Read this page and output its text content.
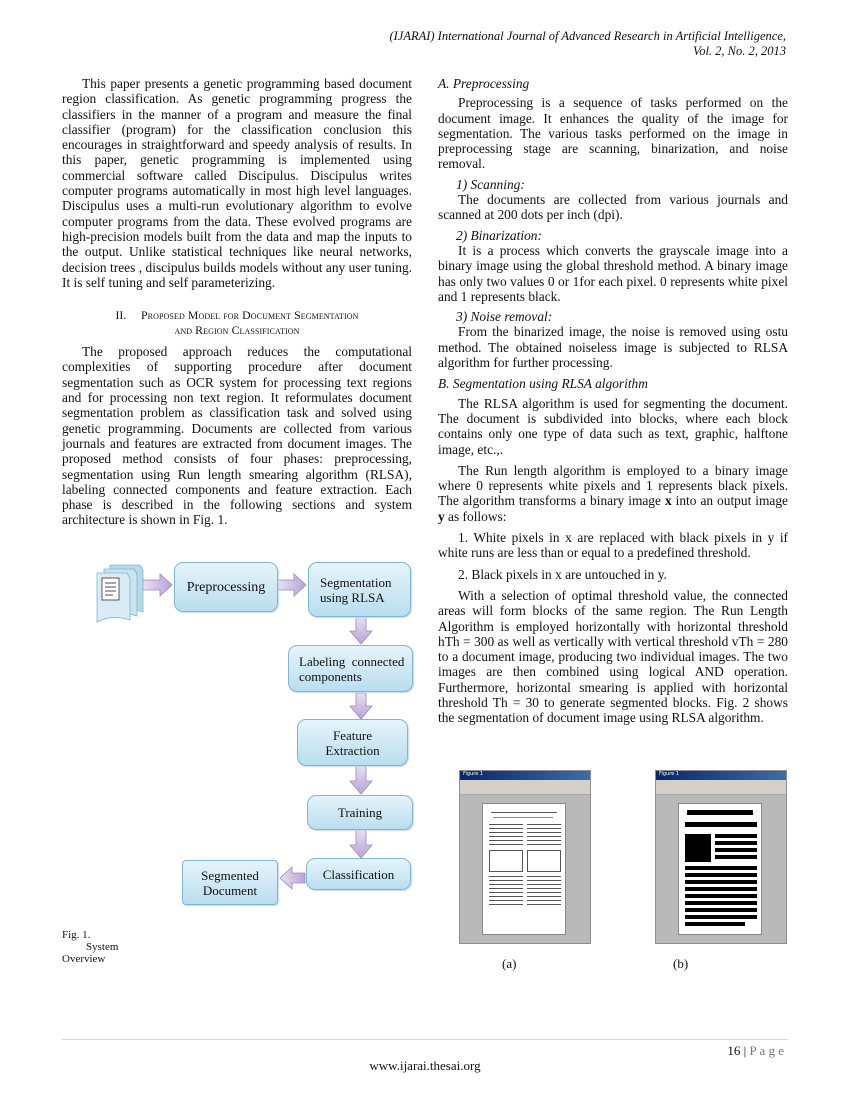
(IJARAI) International Journal of Advanced Research in Artificial Intelligence,
Vol. 2, No. 2, 2013

This paper presents a genetic programming based document region classification. As genetic programming progress the classifiers in the manner of a program and measure the final classifier (program) for the classification conclusion this encourages in straightforward and speedy analysis of results. In this paper, genetic programming is implemented using commercial software called Discipulus. Discipulus writes computer programs automatically in most high level languages. Discipulus uses a multi-run evolutionary algorithm to evolve computer programs from the data. These evolved programs are high-precision models built from the data and map the inputs to the output. Unlike statistical techniques like neural networks, decision trees , discipulus builds models without any user tuning. It is self tuning and self parameterizing.

II. Proposed Model for Document Segmentation
and Region Classification

The proposed approach reduces the computational complexities of supporting procedure after document segmentation such as OCR system for processing text regions and for processing non text region. It reformulates document segmentation problem as classification task and solved using genetic programming. Documents are collected from various journals and features are extracted from document images. The proposed method consists of four phases: preprocessing, segmentation using Run length smearing algorithm (RLSA), labeling connected components and feature extraction. Each phase is described in the following sections and system architecture is shown in Fig. 1.

Preprocessing	Segmentation
using RLSA
Labeling  connected
components
Feature
Extraction
Training
Classification
Segmented
Document
Fig. 1. System Overview
A. Preprocessing

Preprocessing is a sequence of tasks performed on the document image. It enhances the quality of the image for segmentation. The various tasks performed on the image in preprocessing stage are scanning, binarization, and noise removal.

1) Scanning:

The documents are collected from various journals and scanned at 200 dots per inch (dpi).

2) Binarization:

It is a process which converts the grayscale image into a binary image using the global threshold method. A binary image has only two values 0 or 1for each pixel. 0 represents white pixel and 1 represents black.

3) Noise removal:

From the binarized image, the noise is removed using ostu method. The obtained noiseless image is subjected to RLSA algorithm for further processing.

B. Segmentation using RLSA algorithm

The RLSA algorithm is used for segmenting the document. The document is subdivided into blocks, where each block contains only one type of data such as text, graphic, halftone image, etc.,.

The Run length algorithm is employed to a binary image where 0 represents white pixels and 1 represents black pixels. The algorithm transforms a binary image x into an output image y as follows:

1. White pixels in x are replaced with black pixels in y if white runs are less than or equal to a predefined threshold.

2. Black pixels in x are untouched in y.

With a selection of optimal threshold value, the connected areas will form blocks of the same region. The Run Length Algorithm is employed horizontally with horizontal threshold hTh = 300 as well as vertically with vertical threshold vTh = 280 to a document image, producing two individual images. The two images are then combined using logical AND operation. Furthermore, horizontal smearing is applied with horizontal threshold Th = 30 to generate segmented blocks. Fig. 2 shows the segmentation of document image using RLSA algorithm.

$^{Figure 1}$	$^{Figure 1}$
(a)	(b)
16 | P a g e
www.ijarai.thesai.org
